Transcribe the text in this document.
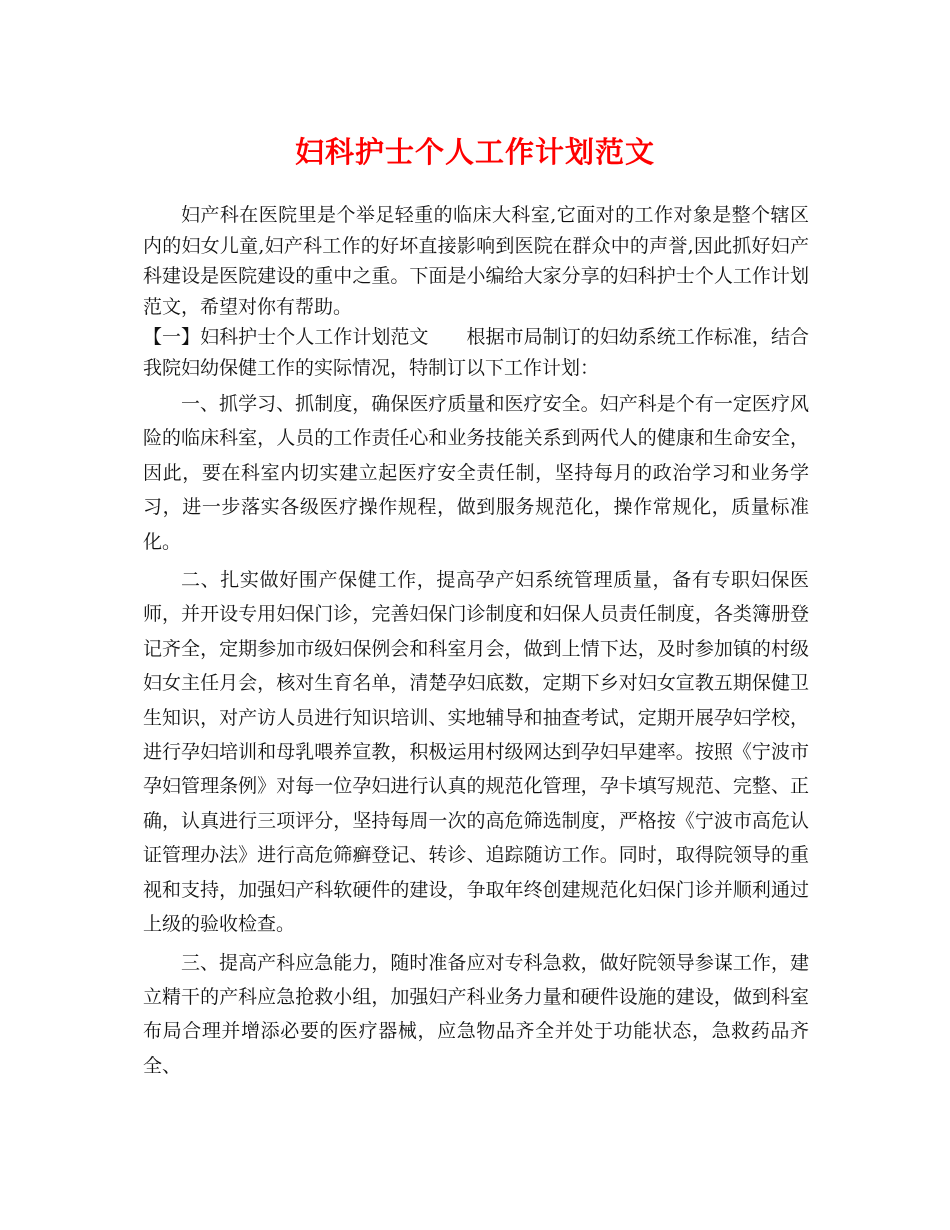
妇科护士个人工作计划范文

妇产科在医院里是个举足轻重的临床大科室,它面对的工作对象是整个辖区内的妇女儿童,妇产科工作的好坏直接影响到医院在群众中的声誉,因此抓好妇产科建设是医院建设的重中之重。下面是小编给大家分享的妇科护士个人工作计划范文，希望对你有帮助。

【一】妇科护士个人工作计划范文　　根据市局制订的妇幼系统工作标准，结合我院妇幼保健工作的实际情况，特制订以下工作计划：

一、抓学习、抓制度，确保医疗质量和医疗安全。妇产科是个有一定医疗风险的临床科室，人员的工作责任心和业务技能关系到两代人的健康和生命安全，因此，要在科室内切实建立起医疗安全责任制，坚持每月的政治学习和业务学习，进一步落实各级医疗操作规程，做到服务规范化，操作常规化，质量标准化。

二、扎实做好围产保健工作，提高孕产妇系统管理质量，备有专职妇保医师，并开设专用妇保门诊，完善妇保门诊制度和妇保人员责任制度，各类簿册登记齐全，定期参加市级妇保例会和科室月会，做到上情下达，及时参加镇的村级妇女主任月会，核对生育名单，清楚孕妇底数，定期下乡对妇女宣教五期保健卫生知识，对产访人员进行知识培训、实地辅导和抽查考试，定期开展孕妇学校，进行孕妇培训和母乳喂养宣教，积极运用村级网达到孕妇早建率。按照《宁波市孕妇管理条例》对每一位孕妇进行认真的规范化管理，孕卡填写规范、完整、正确，认真进行三项评分，坚持每周一次的高危筛选制度，严格按《宁波市高危认证管理办法》进行高危筛癣登记、转诊、追踪随访工作。同时，取得院领导的重视和支持，加强妇产科软硬件的建设，争取年终创建规范化妇保门诊并顺利通过上级的验收检查。

三、提高产科应急能力，随时准备应对专科急救，做好院领导参谋工作，建立精干的产科应急抢救小组，加强妇产科业务力量和硬件设施的建设，做到科室布局合理并增添必要的医疗器械，应急物品齐全并处于功能状态，急救药品齐全、
